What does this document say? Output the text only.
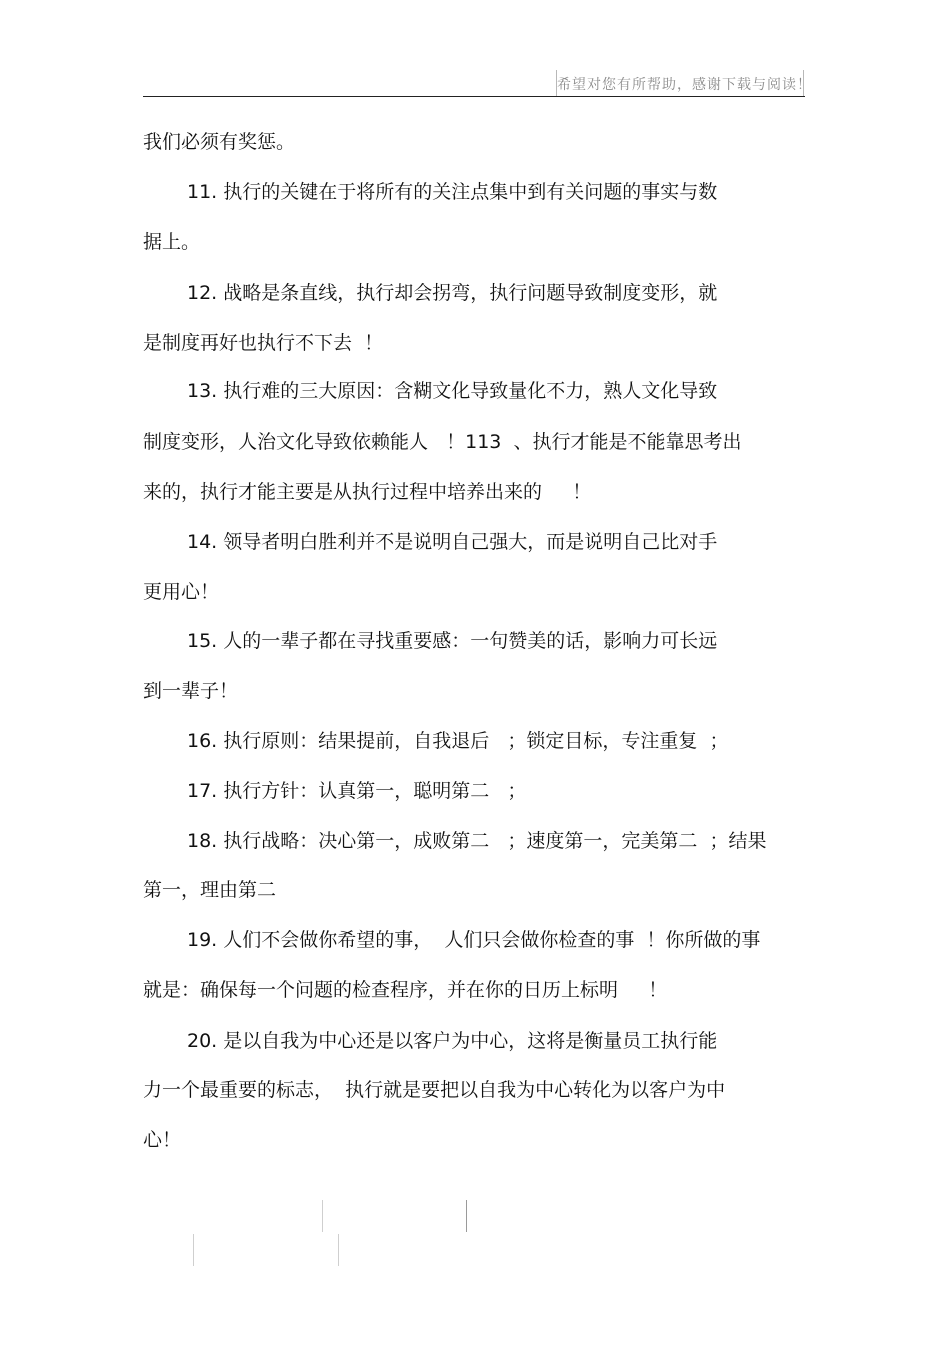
希望对您有所帮助，感谢下载与阅读！
我们必须有奖惩。
11. 执行的关键在于将所有的关注点集中到有关问题的事实与数
据上。
12. 战略是条直线，执行却会拐弯，执行问题导致制度变形，就
是制度再好也执行不下去  ！
13. 执行难的三大原因：含糊文化导致量化不力，熟人文化导致
制度变形，人治文化导致依赖能人   ！113  、执行才能是不能靠思考出
来的，执行才能主要是从执行过程中培养出来的     ！
14. 领导者明白胜利并不是说明自己强大，而是说明自己比对手
更用心！
15. 人的一辈子都在寻找重要感：一句赞美的话，影响力可长远
到一辈子！
16. 执行原则：结果提前，自我退后   ；锁定目标，专注重复  ；
17. 执行方针：认真第一，聪明第二   ；
18. 执行战略：决心第一，成败第二   ；速度第一，完美第二  ；结果
第一，理由第二
19. 人们不会做你希望的事，  人们只会做你检查的事  ！你所做的事
就是：确保每一个问题的检查程序，并在你的日历上标明     ！
20. 是以自我为中心还是以客户为中心，这将是衡量员工执行能
力一个最重要的标志，  执行就是要把以自我为中心转化为以客户为中
心！
